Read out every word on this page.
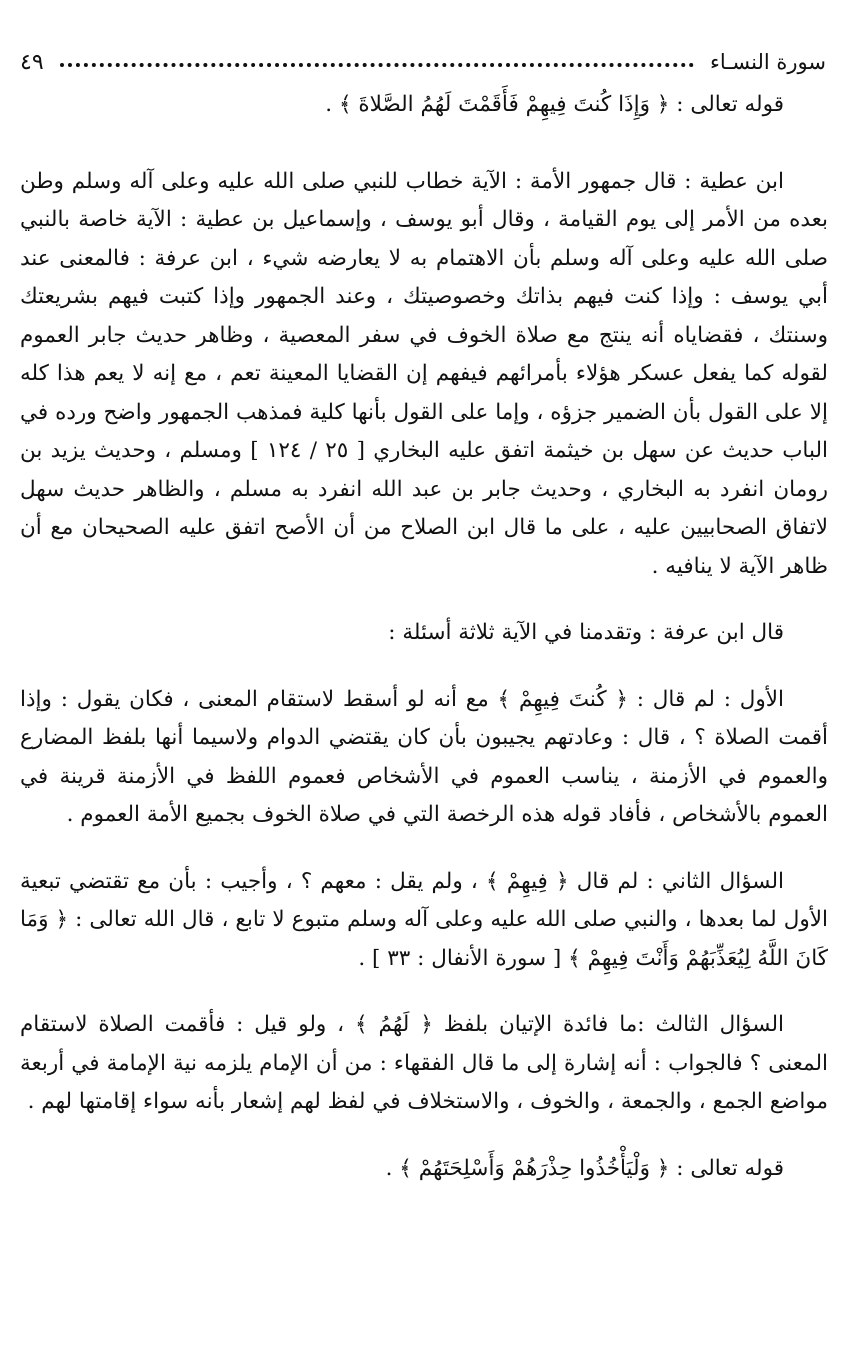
سورة النسـاء
٤٩

قوله تعالى : ﴿ وَإِذَا كُنتَ فِيهِمْ فَأَقَمْتَ لَهُمُ الصَّلاةَ ﴾ .

ابن عطية : قال جمهور الأمة : الآية خطاب للنبي صلى الله عليه وعلى آله وسلم وطن بعده من الأمر إلى يوم القيامة ، وقال أبو يوسف ، وإسماعيل بن عطية : الآية خاصة بالنبي صلى الله عليه وعلى آله وسلم بأن الاهتمام به لا يعارضه شيء ، ابن عرفة : فالمعنى عند أبي يوسف : وإذا كنت فيهم بذاتك وخصوصيتك ، وعند الجمهور وإذا كتبت فيهم بشريعتك وسنتك ، فقضاياه أنه ينتج مع صلاة الخوف في سفر المعصية ، وظاهر حديث جابر العموم لقوله كما يفعل عسكر هؤلاء بأمرائهم فيفهم إن القضايا المعينة تعم ، مع إنه لا يعم هذا كله إلا على القول بأن الضمير جزؤه ، وإما على القول بأنها كلية فمذهب الجمهور واضح ورده في الباب حديث عن سهل بن خيثمة اتفق عليه البخاري [ ٢٥ / ١٢٤ ] ومسلم ، وحديث يزيد بن رومان انفرد به البخاري ، وحديث جابر بن عبد الله انفرد به مسلم ، والظاهر حديث سهل لاتفاق الصحابيين عليه ، على ما قال ابن الصلاح من أن الأصح اتفق عليه الصحيحان مع أن ظاهر الآية لا ينافيه .

قال ابن عرفة : وتقدمنا في الآية ثلاثة أسئلة :

الأول : لم قال : ﴿ كُنتَ فِيهِمْ ﴾ مع أنه لو أسقط لاستقام المعنى ، فكان يقول : وإذا أقمت الصلاة ؟ ، قال : وعادتهم يجيبون بأن كان يقتضي الدوام ولاسيما أنها بلفظ المضارع والعموم في الأزمنة ، يناسب العموم في الأشخاص فعموم اللفظ في الأزمنة قرينة في العموم بالأشخاص ، فأفاد قوله هذه الرخصة التي في صلاة الخوف بجميع الأمة العموم .

السؤال الثاني : لم قال ﴿ فِيهِمْ ﴾ ، ولم يقل : معهم ؟ ، وأجيب : بأن مع تقتضي تبعية الأول لما بعدها ، والنبي صلى الله عليه وعلى آله وسلم متبوع لا تابع ، قال الله تعالى : ﴿ وَمَا كَانَ اللَّهُ لِيُعَذِّبَهُمْ وَأَنْتَ فِيهِمْ ﴾ [ سورة الأنفال : ٣٣ ] .

السؤال الثالث :ما فائدة الإتيان بلفظ ﴿ لَهُمُ ﴾ ، ولو قيل : فأقمت الصلاة لاستقام المعنى ؟ فالجواب : أنه إشارة إلى ما قال الفقهاء : من أن الإمام يلزمه نية الإمامة في أربعة مواضع الجمع ، والجمعة ، والخوف ، والاستخلاف في لفظ لهم إشعار بأنه سواء إقامتها لهم .

قوله تعالى : ﴿ وَلْيَأْخُذُوا حِذْرَهُمْ وَأَسْلِحَتَهُمْ ﴾ .
